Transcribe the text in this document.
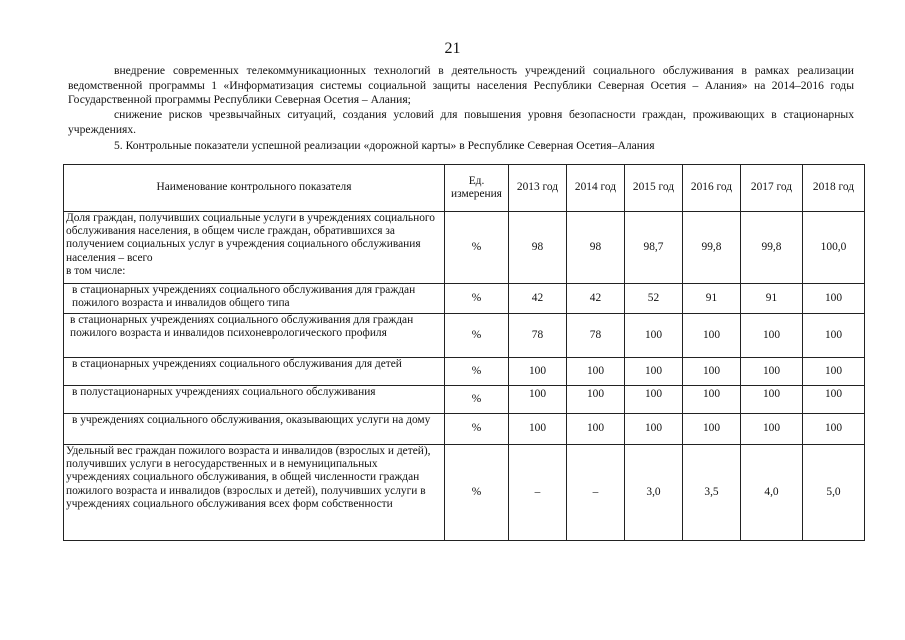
21

внедрение современных телекоммуникационных технологий в деятельность учреждений социального обслуживания в рамках реализации ведомственной программы 1 «Информатизация системы социальной защиты населения Республики Северная Осетия – Алания» на 2014–2016 годы Государственной программы Республики Северная Осетия – Алания;

снижение рисков чрезвычайных ситуаций, создания условий для повышения уровня безопасности граждан, проживающих в стационарных учреждениях.

5. Контрольные показатели успешной реализации «дорожной карты» в Республике Северная Осетия–Алания

Наименование контрольного показателя	Ед. измерения	2013 год	2014 год	2015 год	2016 год	2017 год	2018 год
Доля граждан, получивших социальные услуги в учреждениях социального обслуживания населения, в общем числе граждан, обратившихся за получением социальных услуг в учреждения социального обслуживания населения – всего
в том числе:	%	98	98	98,7	99,8	99,8	100,0
в стационарных учреждениях социального обслуживания для граждан пожилого возраста и инвалидов общего типа	%	42	42	52	91	91	100
в стационарных учреждениях социального обслуживания для граждан пожилого возраста и инвалидов психоневрологического профиля	%	78	78	100	100	100	100
в стационарных учреждениях социального обслуживания для детей	%	100	100	100	100	100	100
в полустационарных учреждениях социального обслуживания	%	100	100	100	100	100	100
в учреждениях социального обслуживания, оказывающих услуги на дому	%	100	100	100	100	100	100
Удельный вес граждан пожилого возраста и инвалидов (взрослых и детей), получивших услуги в негосударственных и в немуниципальных учреждениях социального обслуживания, в общей численности граждан пожилого возраста и инвалидов (взрослых и детей), получивших услуги в учреждениях социального обслуживания всех форм собственности	%	–	–	3,0	3,5	4,0	5,0
